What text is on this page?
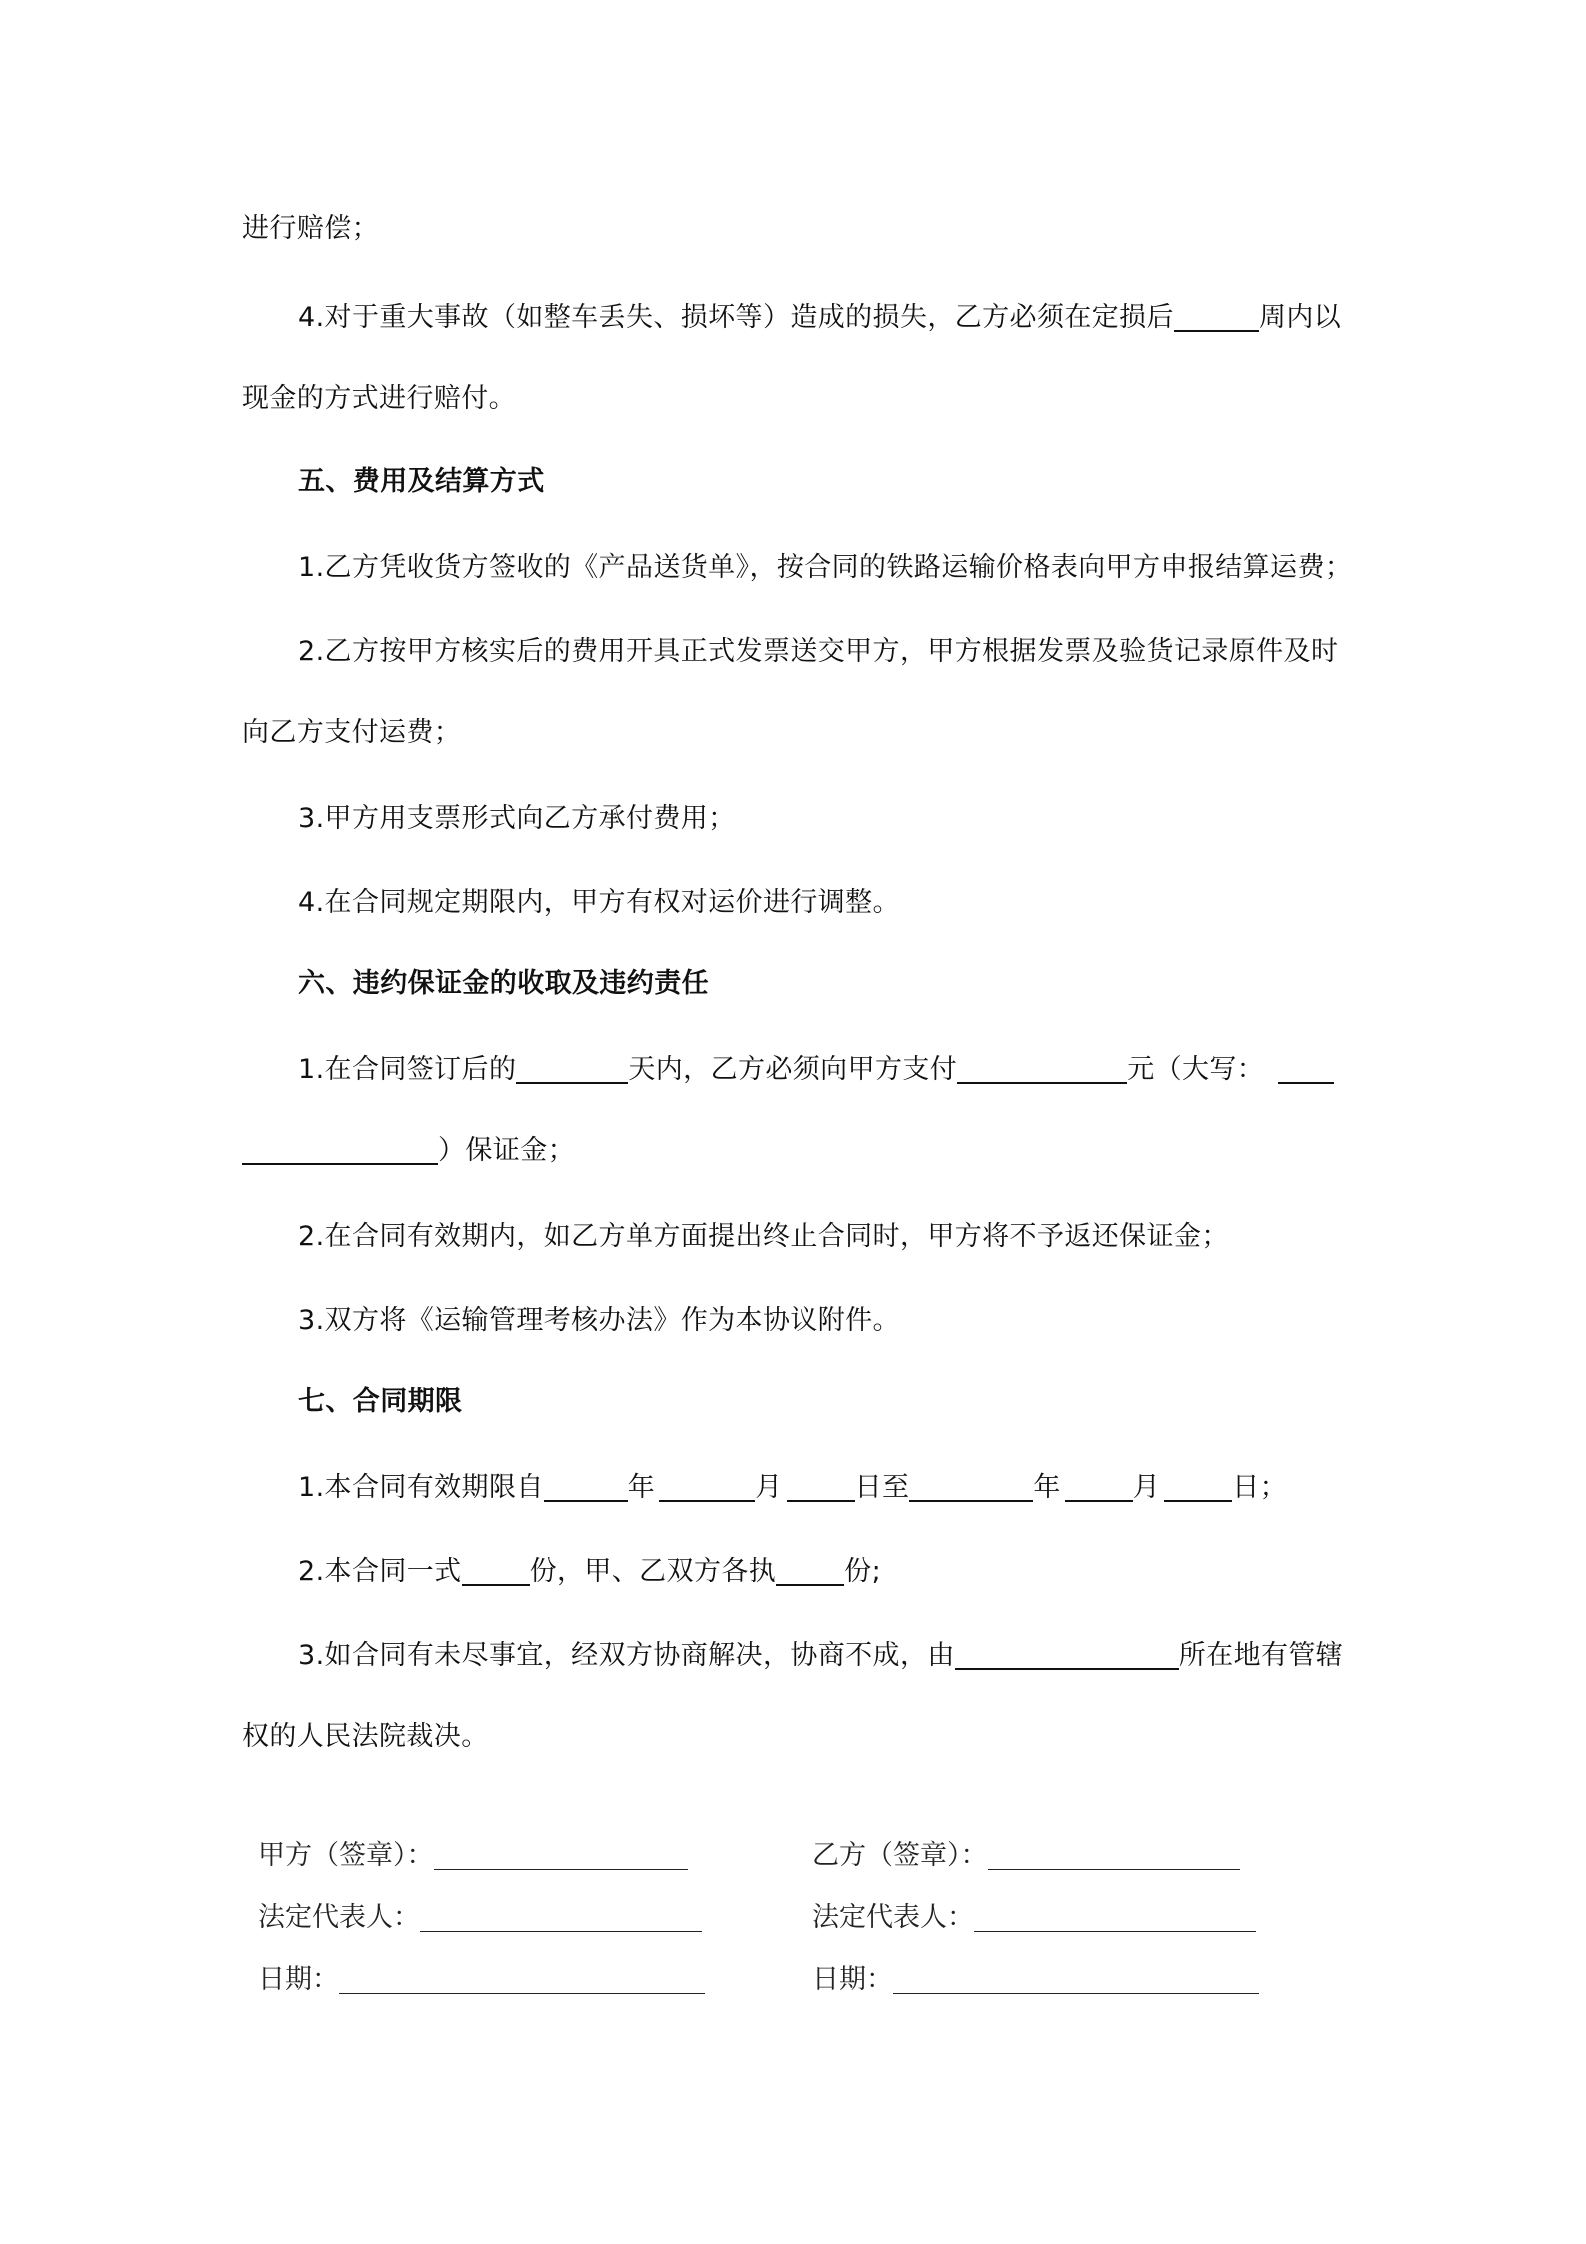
进行赔偿；
4.对于重大事故（如整车丢失、损坏等）造成的损失，乙方必须在定损后	周内以
现金的方式进行赔付。
五、费用及结算方式
1.乙方凭收货方签收的《产品送货单》，按合同的铁路运输价格表向甲方申报结算运费；
2.乙方按甲方核实后的费用开具正式发票送交甲方，甲方根据发票及验货记录原件及时
向乙方支付运费；
3.甲方用支票形式向乙方承付费用；
4.在合同规定期限内，甲方有权对运价进行调整。
六、违约保证金的收取及违约责任
1.在合同签订后的	天内，乙方必须向甲方支付	元（大写：
）保证金；
2.在合同有效期内，如乙方单方面提出终止合同时，甲方将不予返还保证金；
3.双方将《运输管理考核办法》作为本协议附件。
七、合同期限
1.本合同有效期限自	年	月	日至	年	月	日；
2.本合同一式	份，甲、乙双方各执	份;
3.如合同有未尽事宜，经双方协商解决，协商不成，由	所在地有管辖
权的人民法院裁决。
甲方（签章）：	乙方（签章）：
法定代表人：	法定代表人：
日期：	日期：
